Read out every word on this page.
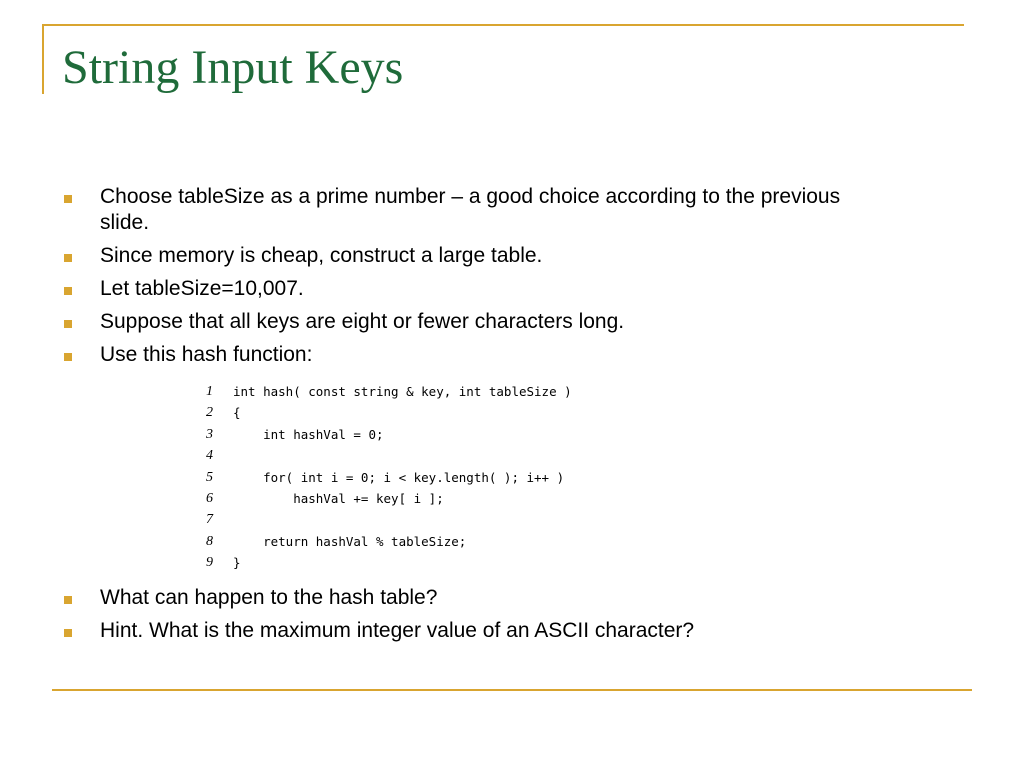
String Input Keys
Choose tableSize as a prime number – a good choice according to the previous slide.
Since memory is cheap, construct a large table.
Let tableSize=10,007.
Suppose that all keys are eight or fewer characters long.
Use this hash function:
1 int hash( const string & key, int tableSize )
2 {
3 int hashVal = 0;
4
5 for( int i = 0; i < key.length( ); i++ )
6 hashVal += key[ i ];
7
8 return hashVal % tableSize;
9 }
What can happen to the hash table?
Hint. What is the maximum integer value of an ASCII character?
